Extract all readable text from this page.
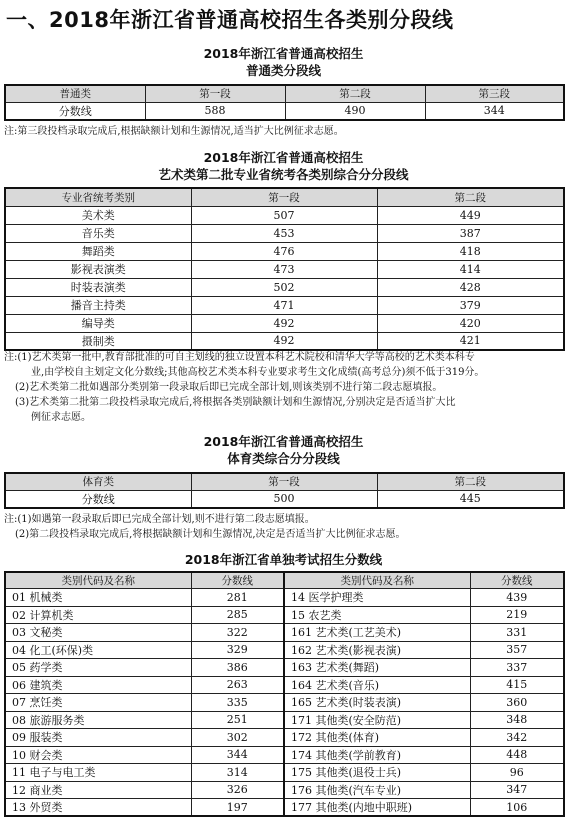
一、2018年浙江省普通高校招生各类别分段线
2018年浙江省普通高校招生
普通类分段线
普通类	第一段	第二段	第三段
分数线	588	490	344
注:第三段投档录取完成后,根据缺额计划和生源情况,适当扩大比例征求志愿。
2018年浙江省普通高校招生
艺术类第二批专业省统考各类别综合分分段线
专业省统考类别	第一段	第二段
美术类	507	449
音乐类	453	387
舞蹈类	476	418
影视表演类	473	414
时装表演类	502	428
播音主持类	471	379
编导类	492	420
摄制类	492	421
注:(1)艺术类第一批中,教育部批准的可自主划线的独立设置本科艺术院校和清华大学等高校的艺术类本科专
业,由学校自主划定文化分数线;其他高校艺术类本科专业要求考生文化成绩(高考总分)须不低于319分。
(2)艺术类第二批如遇部分类别第一段录取后即已完成全部计划,则该类别不进行第二段志愿填报。
(3)艺术类第二批第二段投档录取完成后,将根据各类别缺额计划和生源情况,分别决定是否适当扩大比
例征求志愿。
2018年浙江省普通高校招生
体育类综合分分段线
体育类	第一段	第二段
分数线	500	445
注:(1)如遇第一段录取后即已完成全部计划,则不进行第二段志愿填报。
(2)第二段投档录取完成后,将根据缺额计划和生源情况,决定是否适当扩大比例征求志愿。
2018年浙江省单独考试招生分数线
类别代码及名称	分数线	类别代码及名称	分数线
01 机械类	281	14 医学护理类	439
02 计算机类	285	15 农艺类	219
03 文秘类	322	161 艺术类(工艺美术)	331
04 化工(环保)类	329	162 艺术类(影视表演)	357
05 药学类	386	163 艺术类(舞蹈)	337
06 建筑类	263	164 艺术类(音乐)	415
07 烹饪类	335	165 艺术类(时装表演)	360
08 旅游服务类	251	171 其他类(安全防范)	348
09 服装类	302	172 其他类(体育)	342
10 财会类	344	174 其他类(学前教育)	448
11 电子与电工类	314	175 其他类(退役士兵)	96
12 商业类	326	176 其他类(汽车专业)	347
13 外贸类	197	177 其他类(内地中职班)	106
